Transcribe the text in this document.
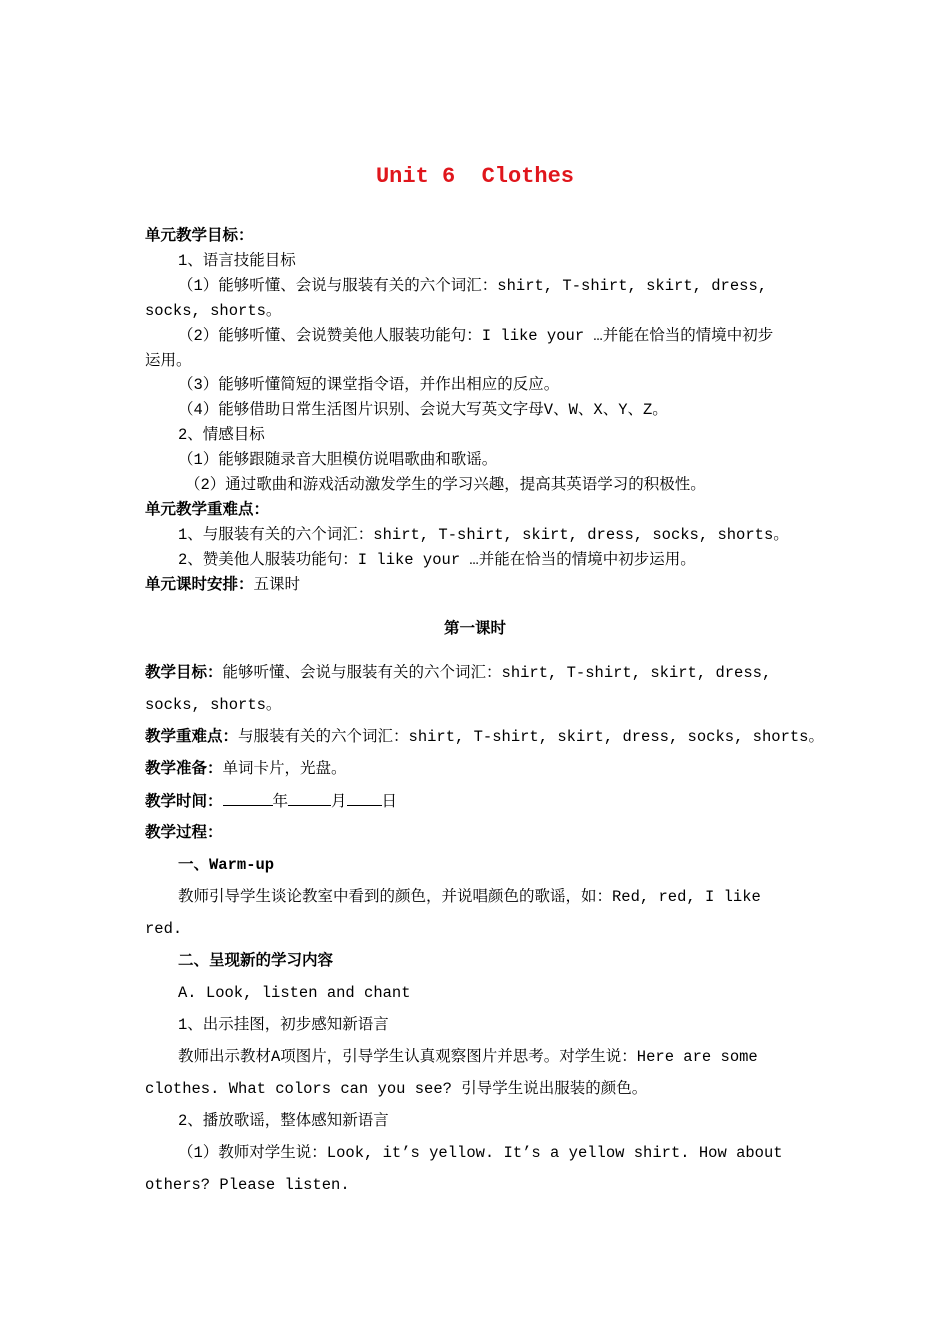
Unit 6  Clothes
单元教学目标：
1、语言技能目标
（1）能够听懂、会说与服装有关的六个词汇：shirt, T-shirt, skirt, dress,
socks, shorts。
（2）能够听懂、会说赞美他人服装功能句：I like your …并能在恰当的情境中初步
运用。
（3）能够听懂简短的课堂指令语，并作出相应的反应。
（4）能够借助日常生活图片识别、会说大写英文字母V、W、X、Y、Z。
2、情感目标
（1）能够跟随录音大胆模仿说唱歌曲和歌谣。
（2）通过歌曲和游戏活动激发学生的学习兴趣，提高其英语学习的积极性。
单元教学重难点：
1、与服装有关的六个词汇：shirt, T-shirt, skirt, dress, socks, shorts。
2、赞美他人服装功能句：I like your …并能在恰当的情境中初步运用。
单元课时安排：五课时
第一课时
教学目标：能够听懂、会说与服装有关的六个词汇：shirt, T-shirt, skirt, dress,
socks, shorts。
教学重难点：与服装有关的六个词汇：shirt, T-shirt, skirt, dress, socks, shorts。
教学准备：单词卡片，光盘。
教学时间：	年	月 日
教学过程：
一、Warm-up
教师引导学生谈论教室中看到的颜色，并说唱颜色的歌谣，如：Red, red, I like
red.
二、呈现新的学习内容
A. Look, listen and chant
1、出示挂图，初步感知新语言
教师出示教材A项图片，引导学生认真观察图片并思考。对学生说：Here are some
clothes. What colors can you see? 引导学生说出服装的颜色。
2、播放歌谣，整体感知新语言
（1）教师对学生说：Look, it’s yellow. It’s a yellow shirt. How about
others? Please listen.
